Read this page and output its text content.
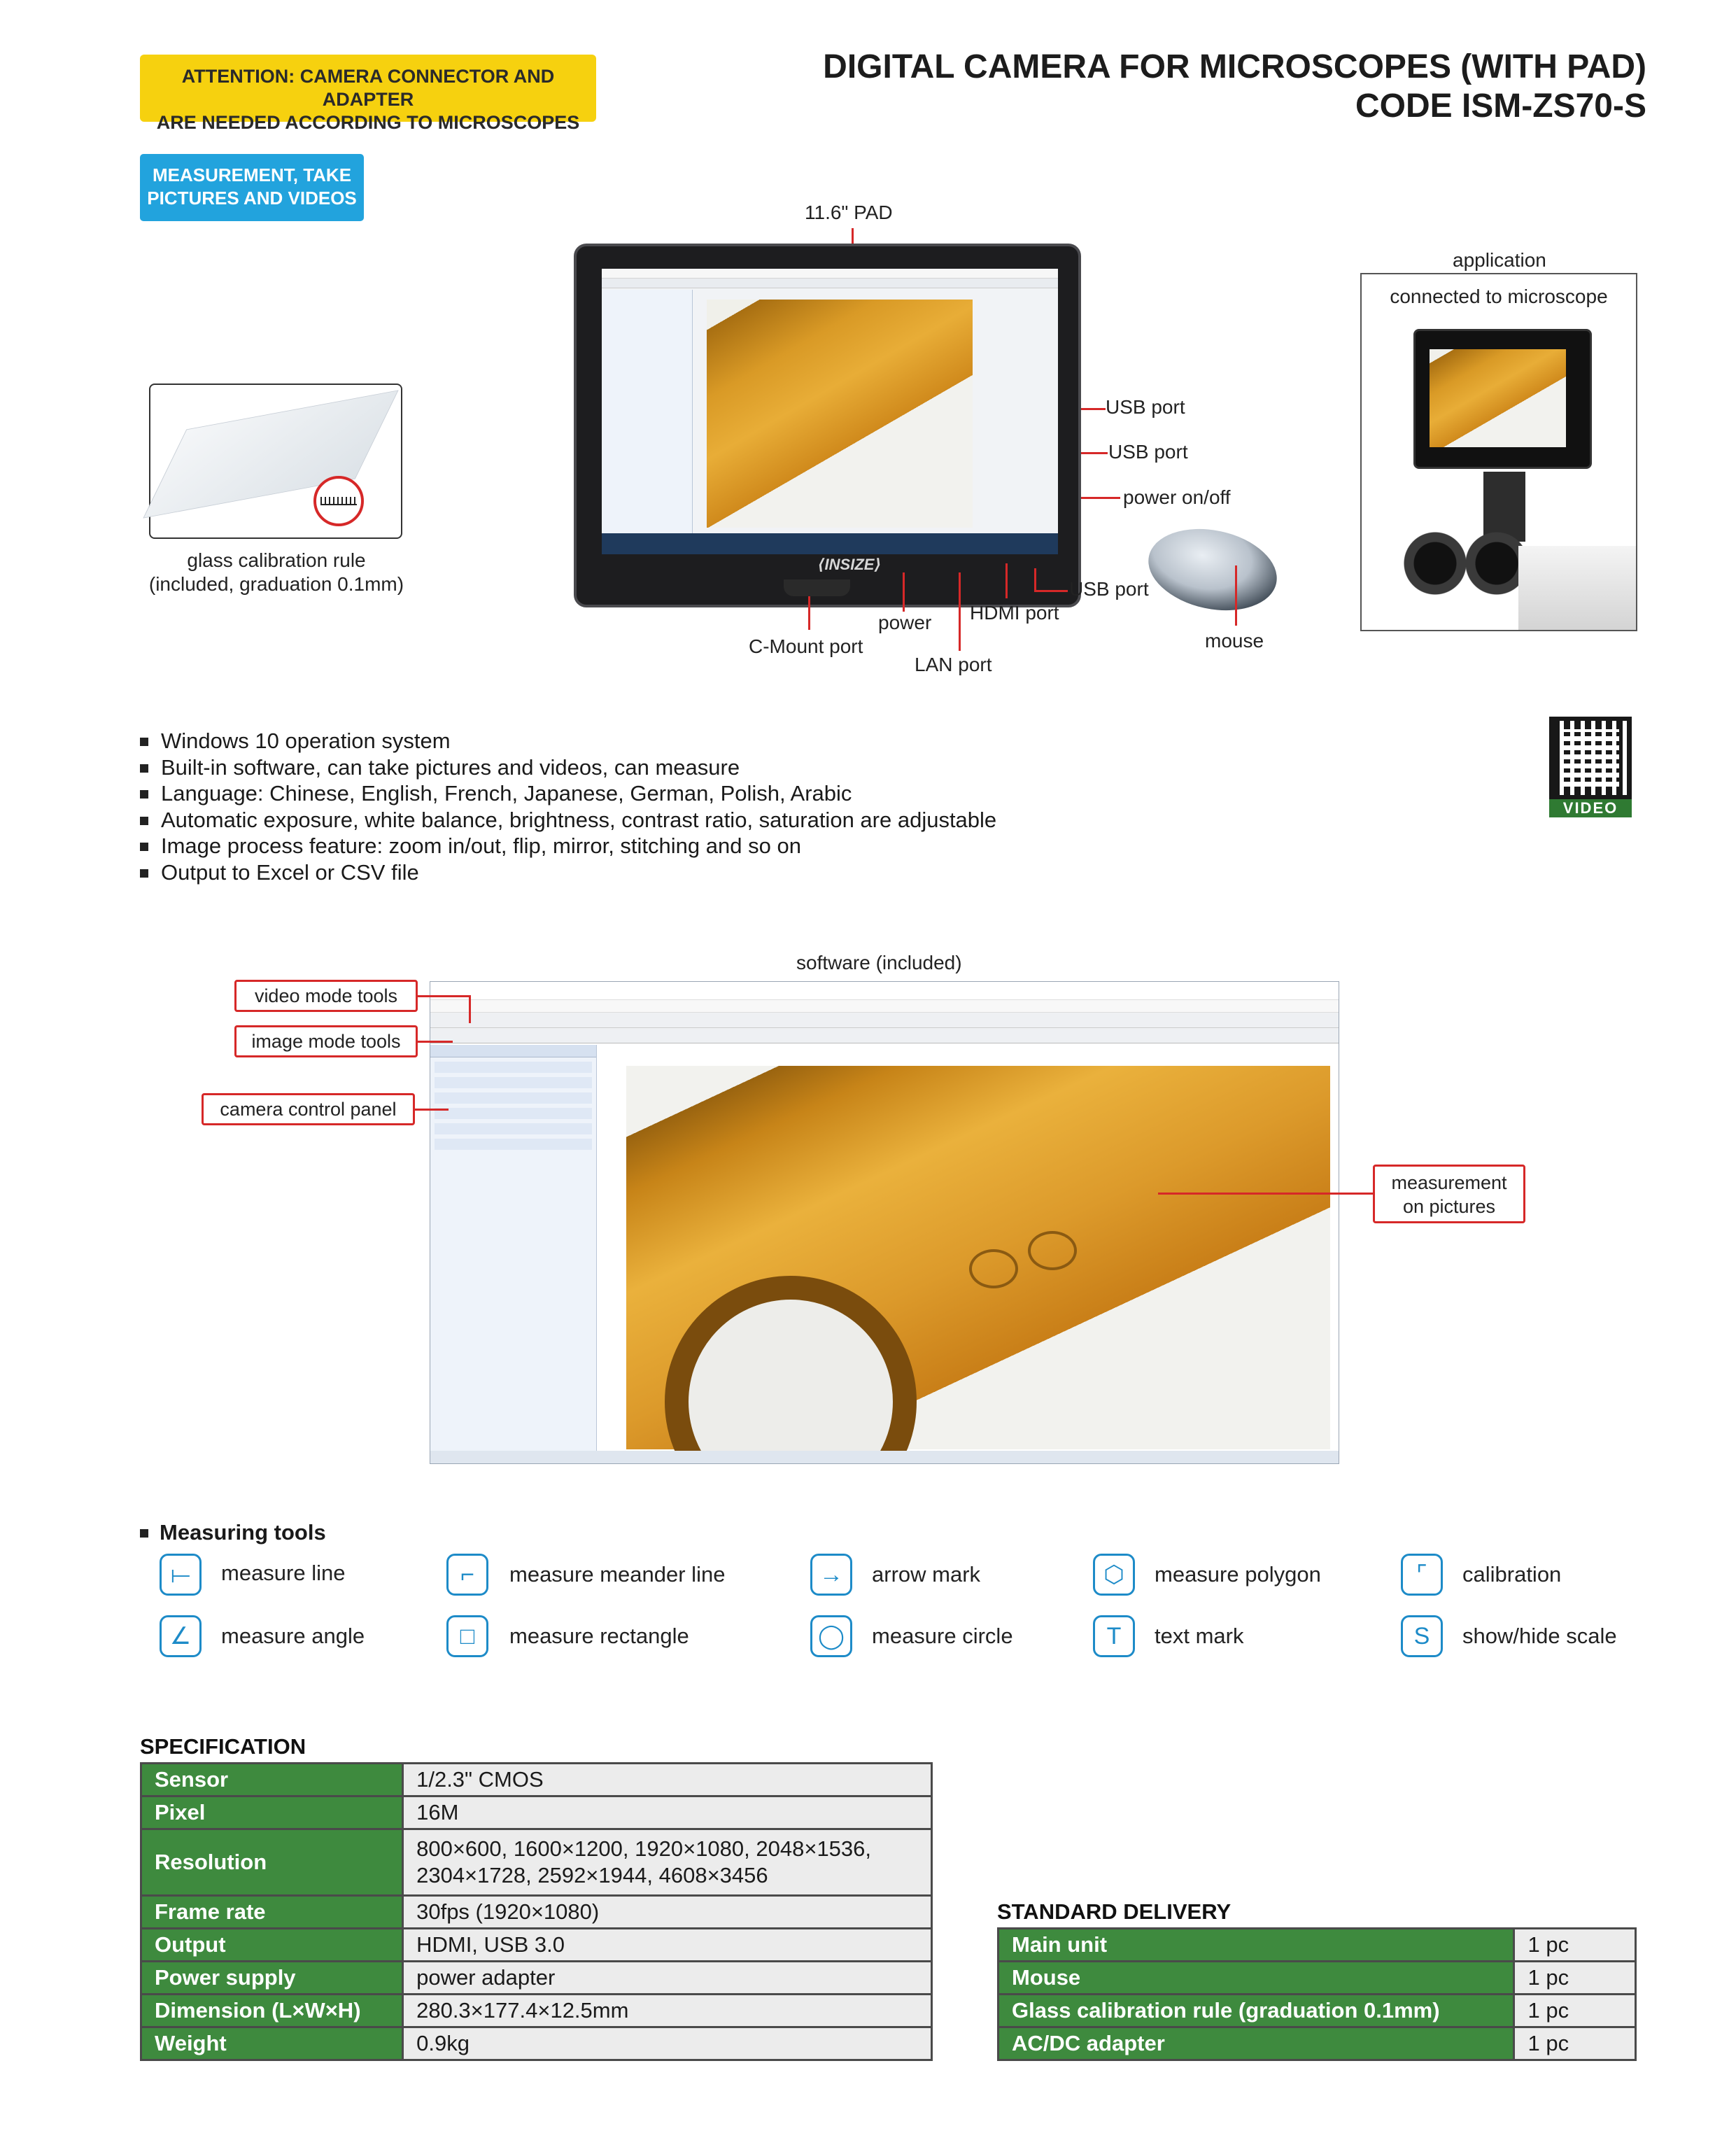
ATTENTION: CAMERA CONNECTOR AND ADAPTER
ARE NEEDED ACCORDING TO MICROSCOPES
MEASUREMENT, TAKE
PICTURES AND VIDEOS
DIGITAL CAMERA FOR MICROSCOPES (WITH PAD)
CODE ISM-ZS70-S
11.6" PAD
⟨INSIZE⟩
USB port
USB port
power on/off
USB port
HDMI port
power
C-Mount port
LAN port
mouse
glass calibration rule
(included, graduation 0.1mm)
application
connected to microscope
VIDEO
Windows 10 operation system
Built-in software, can take pictures and videos, can measure
Language: Chinese, English, French, Japanese, German, Polish, Arabic
Automatic exposure, white balance, brightness, contrast ratio, saturation are adjustable
Image process feature: zoom in/out, flip, mirror, stitching and so on
Output to Excel or CSV file
software (included)
video mode tools
image mode tools
camera control panel
measurement
on pictures
Measuring tools
⟝	measure line	⌐	measure meander line	→	arrow mark	⬡	measure polygon	⌜	calibration
∠	measure angle	□	measure rectangle	◯	measure circle	T	text mark	S	show/hide scale
SPECIFICATION
Sensor	1/2.3" CMOS
Pixel	16M
Resolution	800×600, 1600×1200, 1920×1080, 2048×1536,
2304×1728, 2592×1944, 4608×3456

Frame rate	30fps (1920×1080)
Output	HDMI, USB 3.0
Power supply	power adapter
Dimension (L×W×H)	280.3×177.4×12.5mm
Weight	0.9kg
STANDARD DELIVERY
Main unit	1 pc
Mouse	1 pc
Glass calibration rule (graduation 0.1mm)	1 pc
AC/DC adapter	1 pc
